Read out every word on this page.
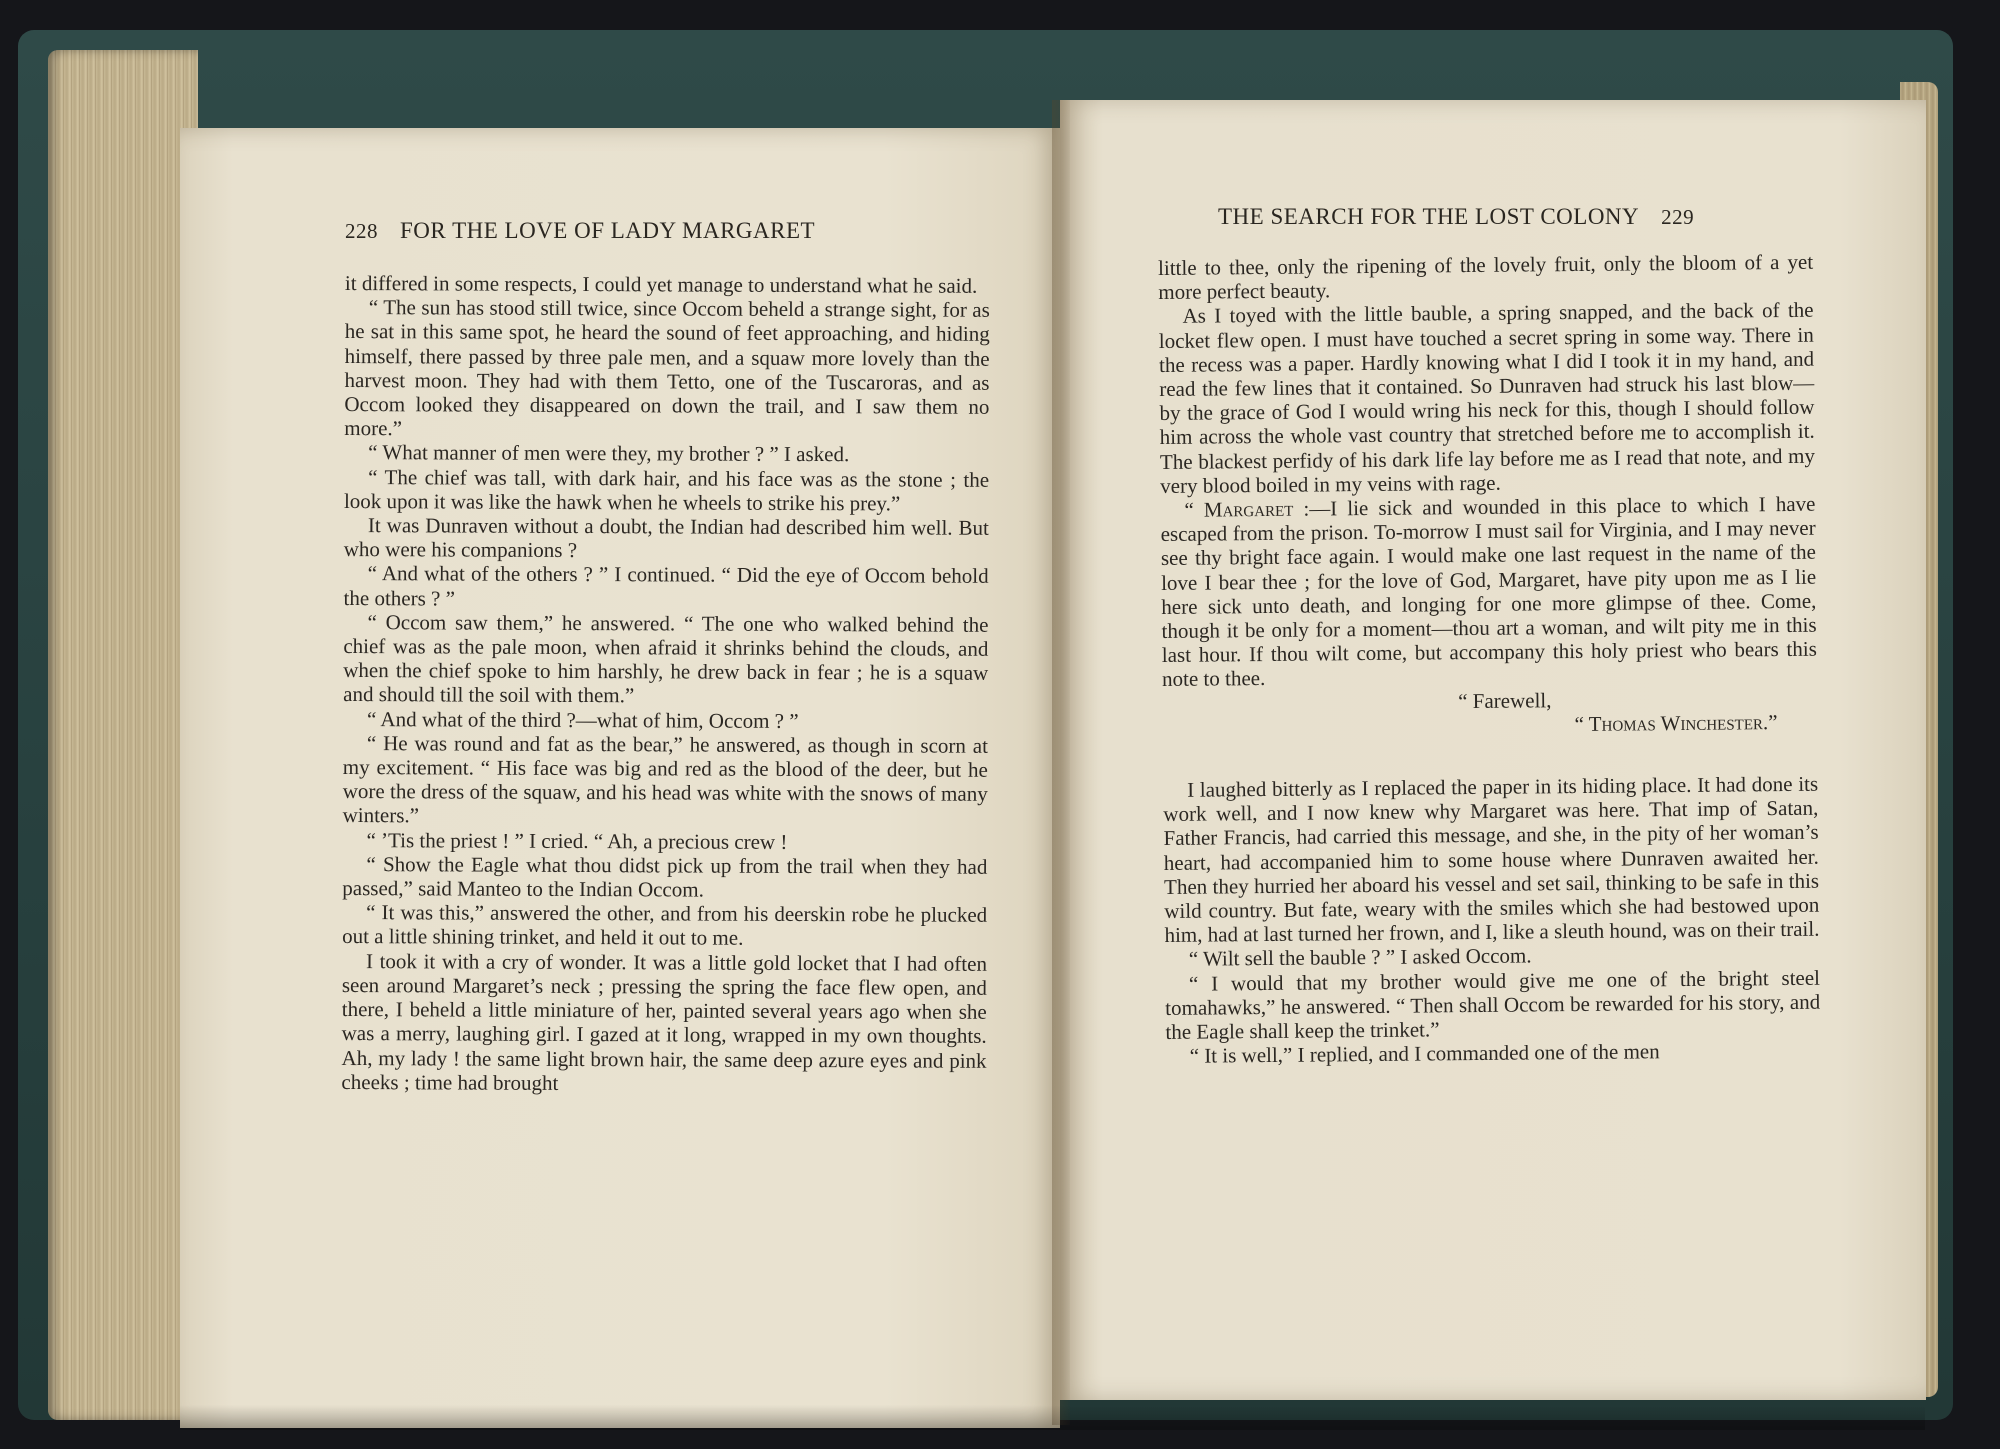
228 FOR THE LOVE OF LADY MARGARET

it differed in some respects, I could yet manage to understand what he said.

“ The sun has stood still twice, since Occom beheld a strange sight, for as he sat in this same spot, he heard the sound of feet approaching, and hiding himself, there passed by three pale men, and a squaw more lovely than the harvest moon. They had with them Tetto, one of the Tuscaroras, and as Occom looked they disappeared on down the trail, and I saw them no more.”

“ What manner of men were they, my brother ? ” I asked.

“ The chief was tall, with dark hair, and his face was as the stone ; the look upon it was like the hawk when he wheels to strike his prey.”

It was Dunraven without a doubt, the Indian had described him well. But who were his companions ?

“ And what of the others ? ” I continued. “ Did the eye of Occom behold the others ? ”

“ Occom saw them,” he answered. “ The one who walked behind the chief was as the pale moon, when afraid it shrinks behind the clouds, and when the chief spoke to him harshly, he drew back in fear ; he is a squaw and should till the soil with them.”

“ And what of the third ?—what of him, Occom ? ”

“ He was round and fat as the bear,” he answered, as though in scorn at my excitement. “ His face was big and red as the blood of the deer, but he wore the dress of the squaw, and his head was white with the snows of many winters.”

“ ’Tis the priest ! ” I cried. “ Ah, a precious crew !

“ Show the Eagle what thou didst pick up from the trail when they had passed,” said Manteo to the Indian Occom.

“ It was this,” answered the other, and from his deerskin robe he plucked out a little shining trinket, and held it out to me.

I took it with a cry of wonder. It was a little gold locket that I had often seen around Margaret’s neck ; pressing the spring the face flew open, and there, I beheld a little miniature of her, painted several years ago when she was a merry, laughing girl. I gazed at it long, wrapped in my own thoughts. Ah, my lady ! the same light brown hair, the same deep azure eyes and pink cheeks ; time had brought

THE SEARCH FOR THE LOST COLONY 229

little to thee, only the ripening of the lovely fruit, only the bloom of a yet more perfect beauty.

As I toyed with the little bauble, a spring snapped, and the back of the locket flew open. I must have touched a secret spring in some way. There in the recess was a paper. Hardly knowing what I did I took it in my hand, and read the few lines that it contained. So Dunraven had struck his last blow—by the grace of God I would wring his neck for this, though I should follow him across the whole vast country that stretched before me to accomplish it. The blackest perfidy of his dark life lay before me as I read that note, and my very blood boiled in my veins with rage.

“ Margaret :—I lie sick and wounded in this place to which I have escaped from the prison. To-morrow I must sail for Virginia, and I may never see thy bright face again. I would make one last request in the name of the love I bear thee ; for the love of God, Margaret, have pity upon me as I lie here sick unto death, and longing for one more glimpse of thee. Come, though it be only for a moment—thou art a woman, and wilt pity me in this last hour. If thou wilt come, but accompany this holy priest who bears this note to thee.

“ Farewell,

“ Thomas Winchester.”

I laughed bitterly as I replaced the paper in its hiding place. It had done its work well, and I now knew why Margaret was here. That imp of Satan, Father Francis, had carried this message, and she, in the pity of her woman’s heart, had accompanied him to some house where Dunraven awaited her. Then they hurried her aboard his vessel and set sail, thinking to be safe in this wild country. But fate, weary with the smiles which she had bestowed upon him, had at last turned her frown, and I, like a sleuth hound, was on their trail.

“ Wilt sell the bauble ? ” I asked Occom.

“ I would that my brother would give me one of the bright steel tomahawks,” he answered. “ Then shall Occom be rewarded for his story, and the Eagle shall keep the trinket.”

“ It is well,” I replied, and I commanded one of the men
